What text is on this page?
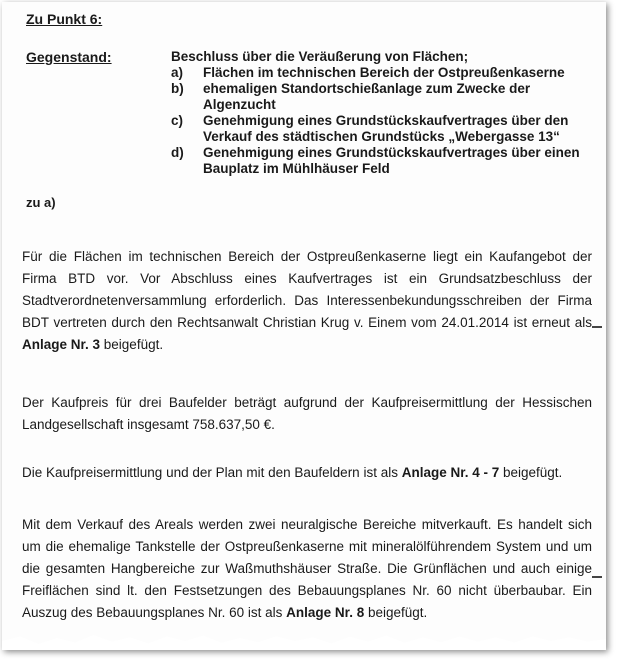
Zu Punkt 6:
Gegenstand:	Beschluss über die Veräußerung von Flächen;
a)	Flächen im technischen Bereich der Ostpreußenkaserne
b)	ehemaligen Standortschießanlage zum Zwecke der Algenzucht
c)	Genehmigung eines Grundstückskaufvertrages über den Verkauf des städtischen Grundstücks „Webergasse 13“
d)	Genehmigung eines Grundstückskaufvertrages über einen Bauplatz im Mühlhäuser Feld
zu a)
Für die Flächen im technischen Bereich der Ostpreußenkaserne liegt ein Kaufangebot der Firma BTD vor. Vor Abschluss eines Kaufvertrages ist ein Grundsatzbeschluss der Stadtverordnetenversammlung erforderlich. Das Interessenbekundungsschreiben der Firma BDT vertreten durch den Rechtsanwalt Christian Krug v. Einem vom 24.01.2014 ist erneut als Anlage Nr. 3 beigefügt.
Der Kaufpreis für drei Baufelder beträgt aufgrund der Kaufpreisermittlung der Hessischen Landgesellschaft insgesamt 758.637,50 €.
Die Kaufpreisermittlung und der Plan mit den Baufeldern ist als Anlage Nr. 4 - 7 beigefügt.
Mit dem Verkauf des Areals werden zwei neuralgische Bereiche mitverkauft. Es handelt sich um die ehemalige Tankstelle der Ostpreußenkaserne mit mineralölführendem System und um die gesamten Hangbereiche zur Waßmuthshäuser Straße. Die Grünflächen und auch einige Freiflächen sind lt. den Festsetzungen des Bebauungsplanes Nr. 60 nicht überbaubar. Ein Auszug des Bebauungsplanes Nr. 60 ist als Anlage Nr. 8 beigefügt.
